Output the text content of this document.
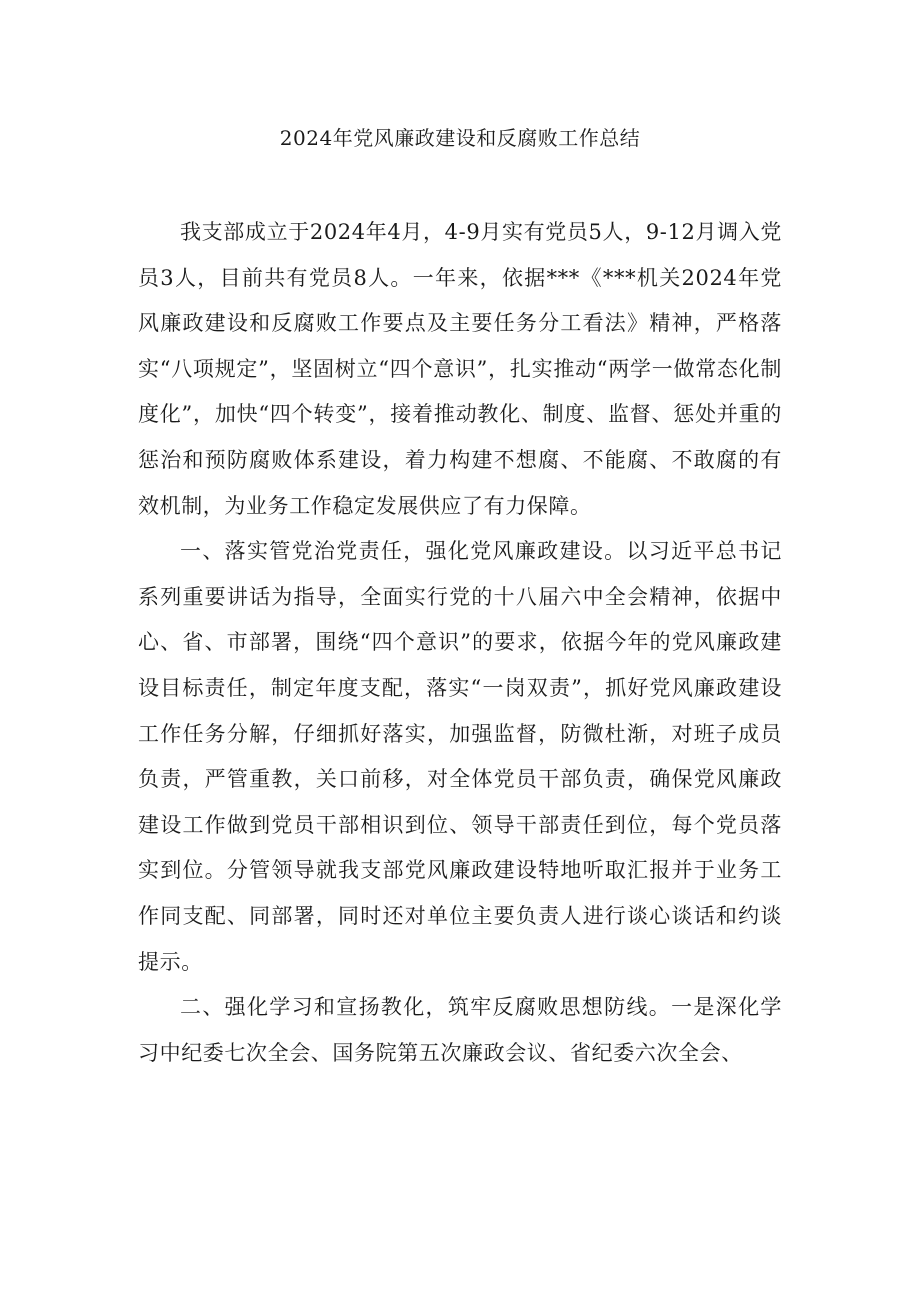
2024年党风廉政建设和反腐败工作总结

我支部成立于2024年4月，4-9月实有党员5人，9-12月调入党员3人，目前共有党员8人。一年来，依据***《***机关2024年党风廉政建设和反腐败工作要点及主要任务分工看法》精神，严格落实“八项规定”，坚固树立“四个意识”，扎实推动“两学一做常态化制度化”，加快“四个转变”，接着推动教化、制度、监督、惩处并重的惩治和预防腐败体系建设，着力构建不想腐、不能腐、不敢腐的有效机制，为业务工作稳定发展供应了有力保障。

一、落实管党治党责任，强化党风廉政建设。以习近平总书记系列重要讲话为指导，全面实行党的十八届六中全会精神，依据中心、省、市部署，围绕“四个意识”的要求，依据今年的党风廉政建设目标责任，制定年度支配，落实“一岗双责”，抓好党风廉政建设工作任务分解，仔细抓好落实，加强监督，防微杜渐，对班子成员负责，严管重教，关口前移，对全体党员干部负责，确保党风廉政建设工作做到党员干部相识到位、领导干部责任到位，每个党员落实到位。分管领导就我支部党风廉政建设特地听取汇报并于业务工作同支配、同部署，同时还对单位主要负责人进行谈心谈话和约谈提示。

二、强化学习和宣扬教化，筑牢反腐败思想防线。一是深化学习中纪委七次全会、国务院第五次廉政会议、省纪委六次全会、
